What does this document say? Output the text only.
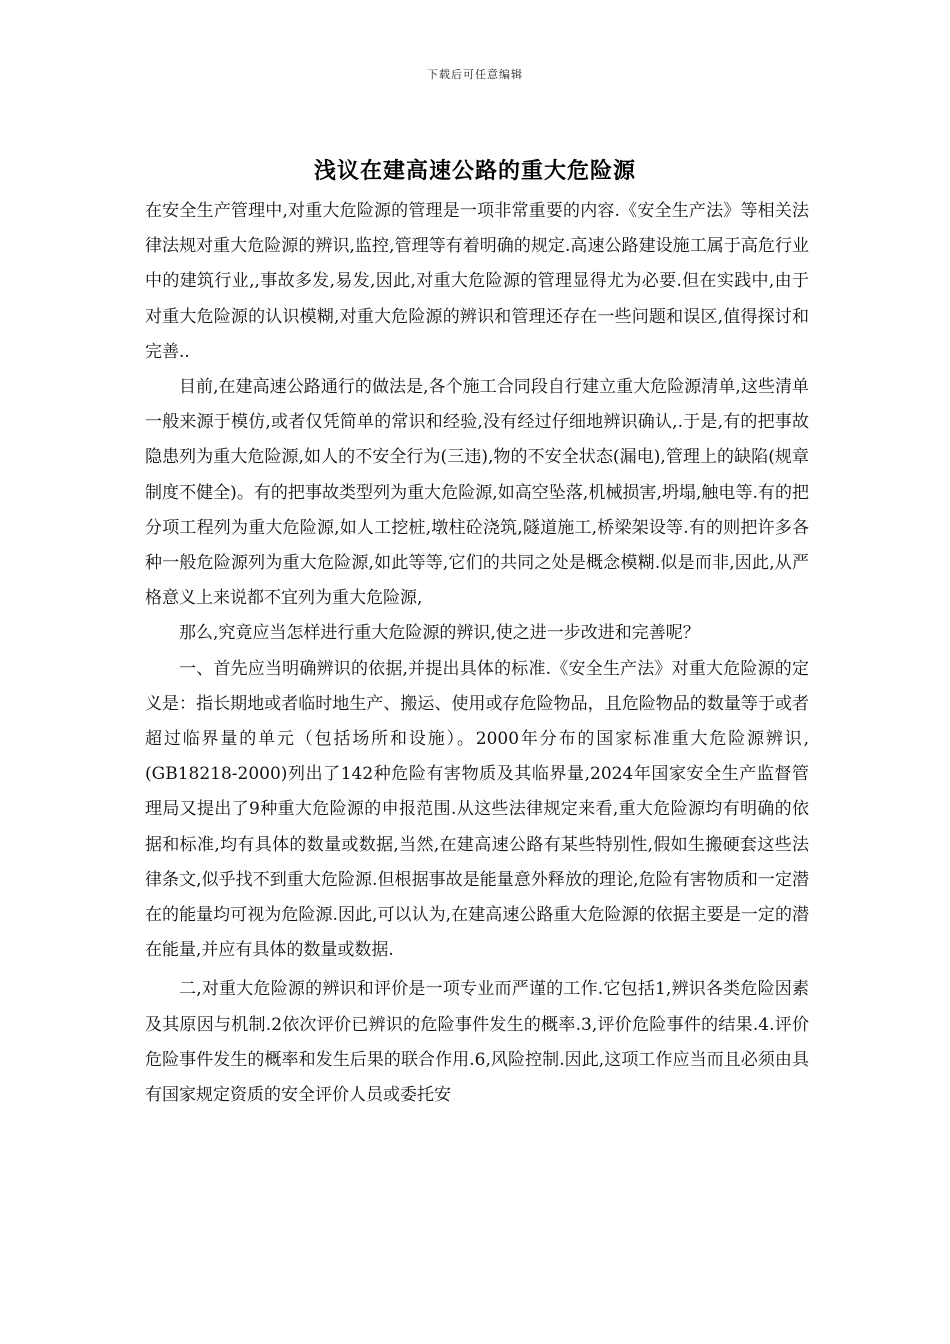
下载后可任意编辑
浅议在建高速公路的重大危险源

在安全生产管理中,对重大危险源的管理是一项非常重要的内容.《安全生产法》等相关法律法规对重大危险源的辨识,监控,管理等有着明确的规定.高速公路建设施工属于高危行业中的建筑行业,,事故多发,易发,因此,对重大危险源的管理显得尤为必要.但在实践中,由于对重大危险源的认识模糊,对重大危险源的辨识和管理还存在一些问题和误区,值得探讨和完善..

目前,在建高速公路通行的做法是,各个施工合同段自行建立重大危险源清单,这些清单一般来源于模仿,或者仅凭简单的常识和经验,没有经过仔细地辨识确认,.于是,有的把事故隐患列为重大危险源,如人的不安全行为(三违),物的不安全状态(漏电),管理上的缺陷(规章制度不健全)。有的把事故类型列为重大危险源,如高空坠落,机械损害,坍塌,触电等.有的把分项工程列为重大危险源,如人工挖桩,墩柱砼浇筑,隧道施工,桥梁架设等.有的则把许多各种一般危险源列为重大危险源,如此等等,它们的共同之处是概念模糊.似是而非,因此,从严格意义上来说都不宜列为重大危险源,

那么,究竟应当怎样进行重大危险源的辨识,使之进一步改进和完善呢？

一、首先应当明确辨识的依据,并提出具体的标准.《安全生产法》对重大危险源的定义是：指长期地或者临时地生产、搬运、使用或存危险物品，且危险物品的数量等于或者超过临界量的单元（包括场所和设施）。2000年分布的国家标准重大危险源辨识,(GB18218-2000)列出了142种危险有害物质及其临界量,2024年国家安全生产监督管理局又提出了9种重大危险源的申报范围.从这些法律规定来看,重大危险源均有明确的依据和标准,均有具体的数量或数据,当然,在建高速公路有某些特别性,假如生搬硬套这些法律条文,似乎找不到重大危险源.但根据事故是能量意外释放的理论,危险有害物质和一定潜在的能量均可视为危险源.因此,可以认为,在建高速公路重大危险源的依据主要是一定的潜在能量,并应有具体的数量或数据.

二,对重大危险源的辨识和评价是一项专业而严谨的工作.它包括1,辨识各类危险因素及其原因与机制.2依次评价已辨识的危险事件发生的概率.3,评价危险事件的结果.4.评价危险事件发生的概率和发生后果的联合作用.6,风险控制.因此,这项工作应当而且必须由具有国家规定资质的安全评价人员或委托安
